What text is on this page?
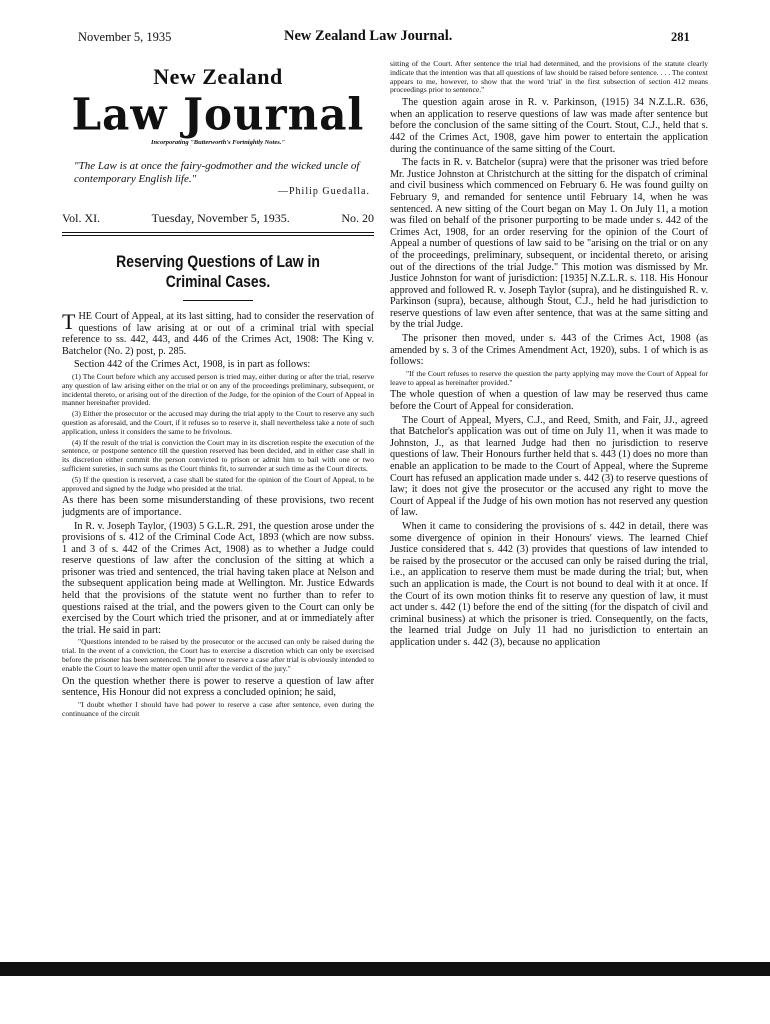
November 5, 1935	New Zealand Law Journal.	281
New Zealand
Law Journal
Incorporating "Butterworth's Fortnightly Notes."
"The Law is at once the fairy-godmother and the wicked uncle of contemporary English life."
—Philip Guedalla.
Vol. XI.	Tuesday, November 5, 1935.	No. 20
Reserving Questions of Law in Criminal Cases.

THE Court of Appeal, at its last sitting, had to consider the reservation of questions of law arising at or out of a criminal trial with special reference to ss. 442, 443, and 446 of the Crimes Act, 1908: The King v. Batchelor (No. 2) post, p. 285.

Section 442 of the Crimes Act, 1908, is in part as follows:

(1) The Court before which any accused person is tried may, either during or after the trial, reserve any question of law arising either on the trial or on any of the proceedings preliminary, subsequent, or incidental thereto, or arising out of the direction of the Judge, for the opinion of the Court of Appeal in manner hereinafter provided.

(3) Either the prosecutor or the accused may during the trial apply to the Court to reserve any such question as aforesaid, and the Court, if it refuses so to reserve it, shall nevertheless take a note of such application, unless it considers the same to be frivolous.

(4) If the result of the trial is conviction the Court may in its discretion respite the execution of the sentence, or postpone sentence till the question reserved has been decided, and in either case shall in its discretion either commit the person convicted to prison or admit him to bail with one or two sufficient sureties, in such sums as the Court thinks fit, to surrender at such time as the Court directs.

(5) If the question is reserved, a case shall be stated for the opinion of the Court of Appeal, to be approved and signed by the Judge who presided at the trial.

As there has been some misunderstanding of these provisions, two recent judgments are of importance.

In R. v. Joseph Taylor, (1903) 5 G.L.R. 291, the question arose under the provisions of s. 412 of the Criminal Code Act, 1893 (which are now subss. 1 and 3 of s. 442 of the Crimes Act, 1908) as to whether a Judge could reserve questions of law after the conclusion of the sitting at which a prisoner was tried and sentenced, the trial having taken place at Nelson and the subsequent application being made at Wellington. Mr. Justice Edwards held that the provisions of the statute went no further than to refer to questions raised at the trial, and the powers given to the Court can only be exercised by the Court which tried the prisoner, and at or immediately after the trial. He said in part:

"Questions intended to be raised by the prosecutor or the accused can only be raised during the trial. In the event of a conviction, the Court has to exercise a discretion which can only be exercised before the prisoner has been sentenced. The power to reserve a case after trial is obviously intended to enable the Court to leave the matter open until after the verdict of the jury."

On the question whether there is power to reserve a question of law after sentence, His Honour did not express a concluded opinion; he said,

"I doubt whether I should have had power to reserve a case after sentence, even during the continuance of the circuit

sitting of the Court. After sentence the trial had determined, and the provisions of the statute clearly indicate that the intention was that all questions of law should be raised before sentence. . . . The context appears to me, however, to show that the word 'trial' in the first subsection of section 412 means proceedings prior to sentence."

The question again arose in R. v. Parkinson, (1915) 34 N.Z.L.R. 636, when an application to reserve questions of law was made after sentence but before the conclusion of the same sitting of the Court. Stout, C.J., held that s. 442 of the Crimes Act, 1908, gave him power to entertain the application during the continuance of the same sitting of the Court.

The facts in R. v. Batchelor (supra) were that the prisoner was tried before Mr. Justice Johnston at Christchurch at the sitting for the dispatch of criminal and civil business which commenced on February 6. He was found guilty on February 9, and remanded for sentence until February 14, when he was sentenced. A new sitting of the Court began on May 1. On July 11, a motion was filed on behalf of the prisoner purporting to be made under s. 442 of the Crimes Act, 1908, for an order reserving for the opinion of the Court of Appeal a number of questions of law said to be "arising on the trial or on any of the proceedings, preliminary, subsequent, or incidental thereto, or arising out of the directions of the trial Judge." This motion was dismissed by Mr. Justice Johnston for want of jurisdiction: [1935] N.Z.L.R. s. 118. His Honour approved and followed R. v. Joseph Taylor (supra), and he distinguished R. v. Parkinson (supra), because, although Stout, C.J., held he had jurisdiction to reserve questions of law even after sentence, that was at the same sitting and by the trial Judge.

The prisoner then moved, under s. 443 of the Crimes Act, 1908 (as amended by s. 3 of the Crimes Amendment Act, 1920), subs. 1 of which is as follows:

"If the Court refuses to reserve the question the party applying may move the Court of Appeal for leave to appeal as hereinafter provided."

The whole question of when a question of law may be reserved thus came before the Court of Appeal for consideration.

The Court of Appeal, Myers, C.J., and Reed, Smith, and Fair, JJ., agreed that Batchelor's application was out of time on July 11, when it was made to Johnston, J., as that learned Judge had then no jurisdiction to reserve questions of law. Their Honours further held that s. 443 (1) does no more than enable an application to be made to the Court of Appeal, where the Supreme Court has refused an application made under s. 442 (3) to reserve questions of law; it does not give the prosecutor or the accused any right to move the Court of Appeal if the Judge of his own motion has not reserved any question of law.

When it came to considering the provisions of s. 442 in detail, there was some divergence of opinion in their Honours' views. The learned Chief Justice considered that s. 442 (3) provides that questions of law intended to be raised by the prosecutor or the accused can only be raised during the trial, i.e., an application to reserve them must be made during the trial; but, when such an application is made, the Court is not bound to deal with it at once. If the Court of its own motion thinks fit to reserve any question of law, it must act under s. 442 (1) before the end of the sitting (for the dispatch of civil and criminal business) at which the prisoner is tried. Consequently, on the facts, the learned trial Judge on July 11 had no jurisdiction to entertain an application under s. 442 (3), because no application
